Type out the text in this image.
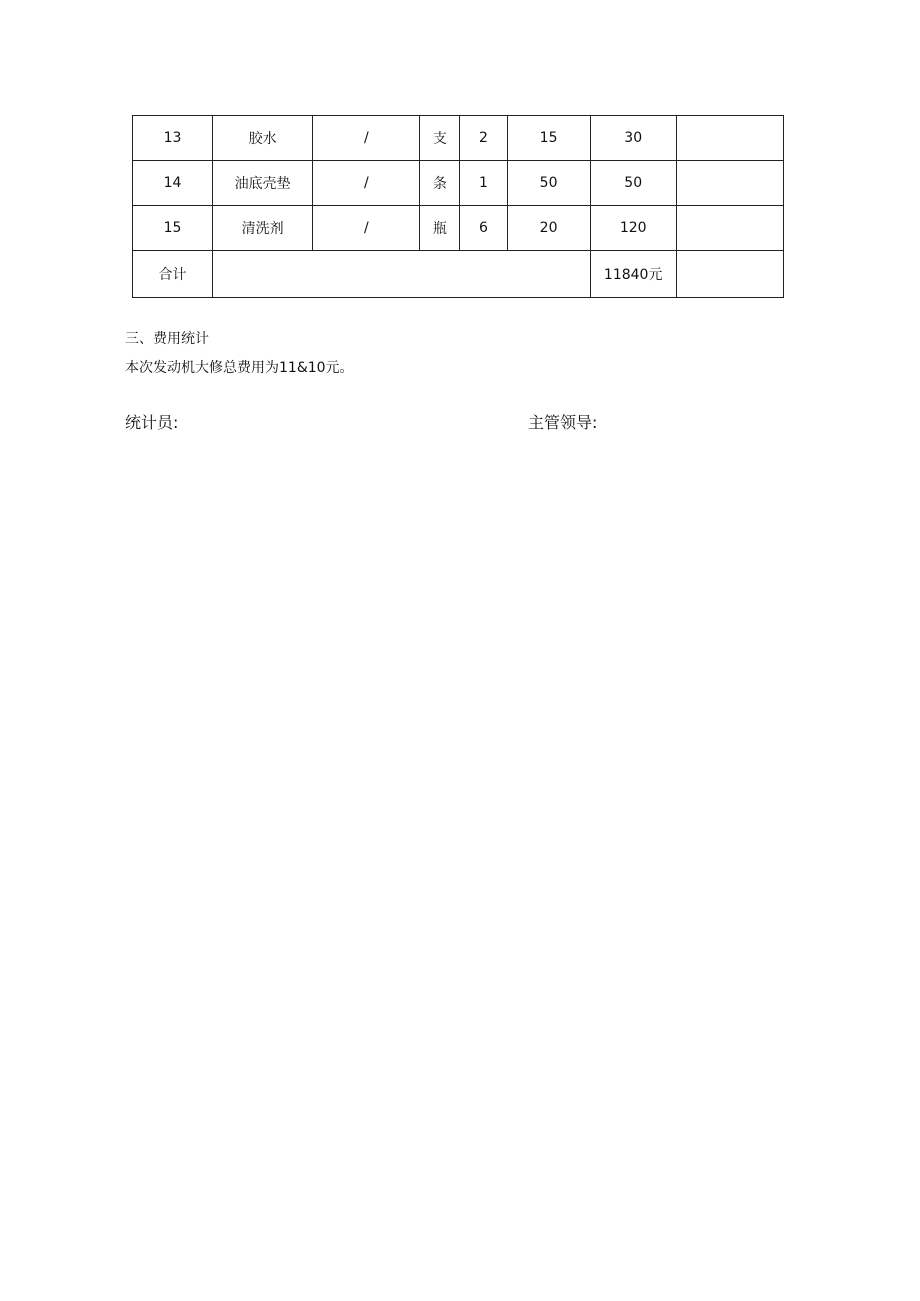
13	胶水	/	支	2	15	30	
14	油底壳垫	/	条	1	50	50	
15	清洗剂	/	瓶	6	20	120	
合计						11840元	
三、费用统计
本次发动机大修总费用为11&10元。
统计员:	主管领导:
